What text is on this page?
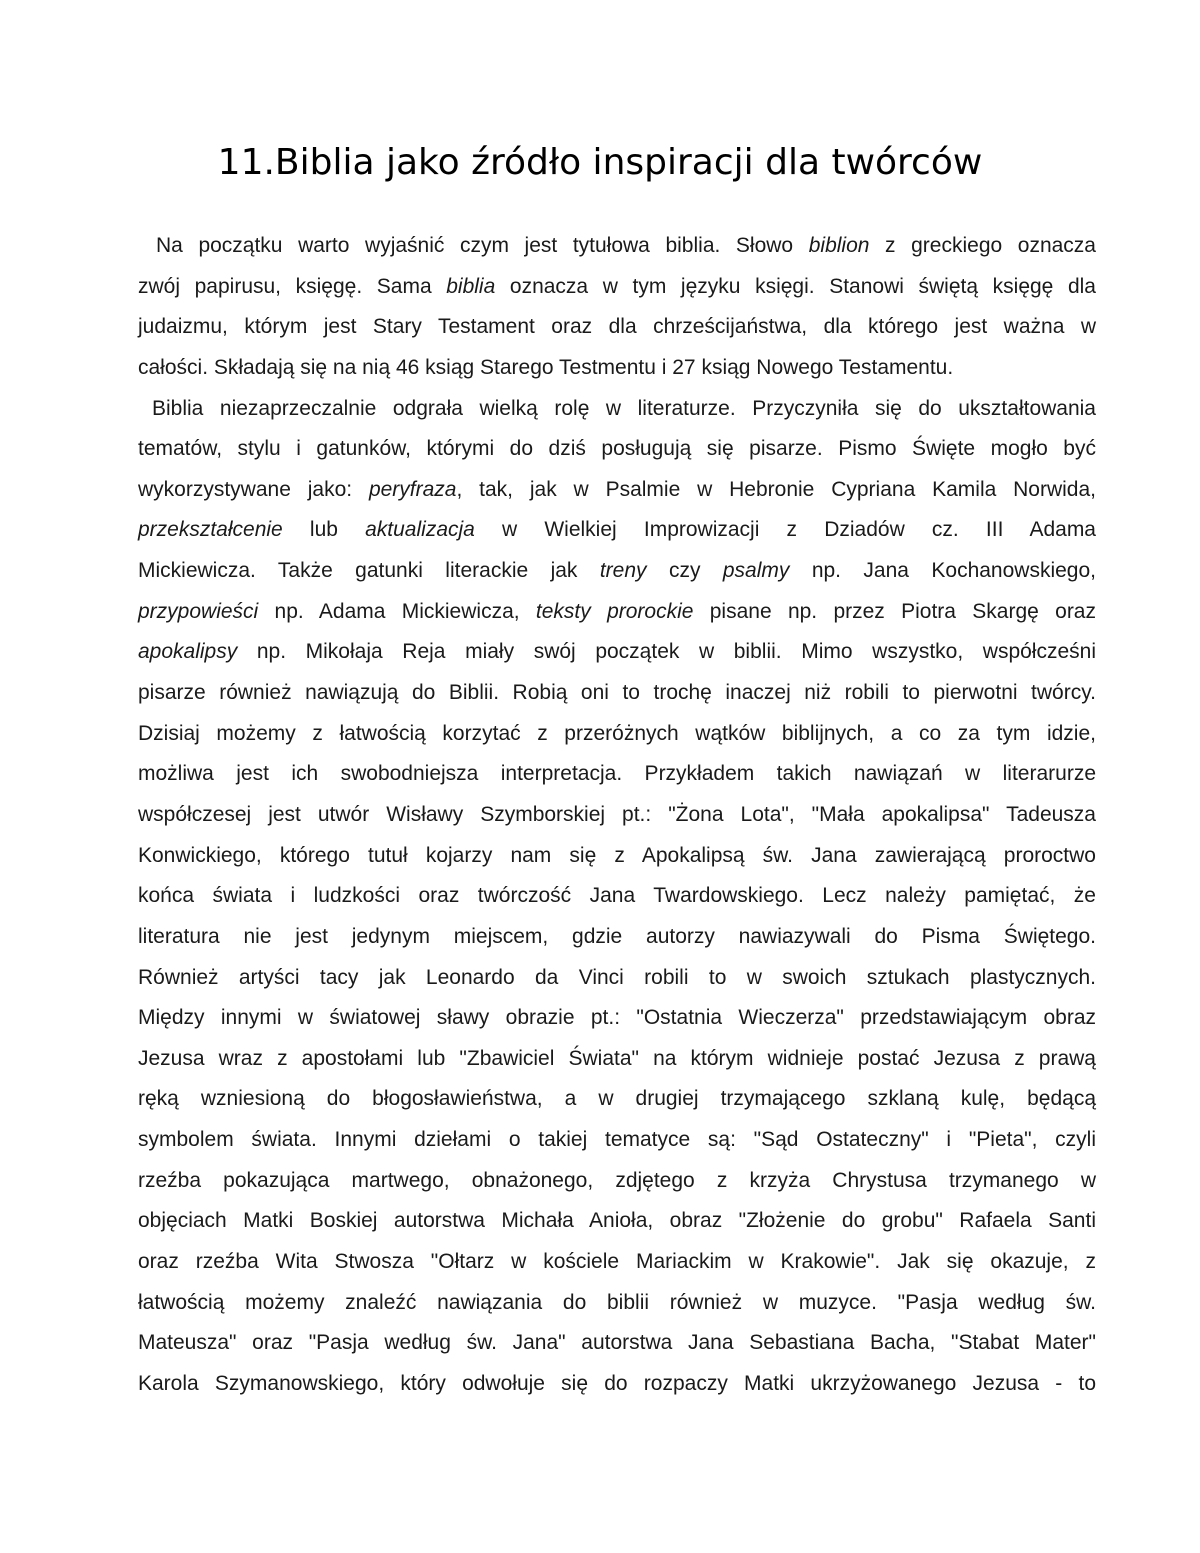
11.Biblia jako źródło inspiracji dla twórców
Na początku warto wyjaśnić czym jest tytułowa biblia. Słowo biblion z greckiego oznacza
zwój papirusu, księgę. Sama biblia oznacza w tym języku księgi. Stanowi świętą księgę dla
judaizmu, którym jest Stary Testament oraz dla chrześcijaństwa, dla którego jest ważna w
całości. Składają się na nią 46 ksiąg Starego Testmentu i 27 ksiąg Nowego Testamentu.
Biblia niezaprzeczalnie odgrała wielką rolę w literaturze. Przyczyniła się do ukształtowania
tematów, stylu i gatunków, którymi do dziś posługują się pisarze. Pismo Święte mogło być
wykorzystywane jako: peryfraza, tak, jak w Psalmie w Hebronie Cypriana Kamila Norwida,
przekształcenie lub aktualizacja w Wielkiej Improwizacji z Dziadów cz. III Adama
Mickiewicza. Także gatunki literackie jak treny czy psalmy np. Jana Kochanowskiego,
przypowieści np. Adama Mickiewicza, teksty prorockie pisane np. przez Piotra Skargę oraz
apokalipsy np. Mikołaja Reja miały swój początek w biblii. Mimo wszystko, współcześni
pisarze również nawiązują do Biblii. Robią oni to trochę inaczej niż robili to pierwotni twórcy.
Dzisiaj możemy z łatwością korzytać z przeróżnych wątków biblijnych, a co za tym idzie,
możliwa jest ich swobodniejsza interpretacja. Przykładem takich nawiązań w literarurze
współczesej jest utwór Wisławy Szymborskiej pt.: "Żona Lota", "Mała apokalipsa" Tadeusza
Konwickiego, którego tutuł kojarzy nam się z Apokalipsą św. Jana zawierającą proroctwo
końca świata i ludzkości oraz twórczość Jana Twardowskiego. Lecz należy pamiętać, że
literatura nie jest jedynym miejscem, gdzie autorzy nawiazywali do Pisma Świętego.
Również artyści tacy jak Leonardo da Vinci robili to w swoich sztukach plastycznych.
Między innymi w światowej sławy obrazie pt.: "Ostatnia Wieczerza" przedstawiającym obraz
Jezusa wraz z apostołami lub "Zbawiciel Świata" na którym widnieje postać Jezusa z prawą
ręką wzniesioną do błogosławieństwa, a w drugiej trzymającego szklaną kulę, będącą
symbolem świata. Innymi dziełami o takiej tematyce są: "Sąd Ostateczny" i "Pieta", czyli
rzeźba pokazująca martwego, obnażonego, zdjętego z krzyża Chrystusa trzymanego w
objęciach Matki Boskiej autorstwa Michała Anioła, obraz "Złożenie do grobu" Rafaela Santi
oraz rzeźba Wita Stwosza "Ołtarz w kościele Mariackim w Krakowie". Jak się okazuje, z
łatwością możemy znaleźć nawiązania do biblii również w muzyce. "Pasja według św.
Mateusza" oraz "Pasja według św. Jana" autorstwa Jana Sebastiana Bacha, "Stabat Mater"
Karola Szymanowskiego, który odwołuje się do rozpaczy Matki ukrzyżowanego Jezusa - to
